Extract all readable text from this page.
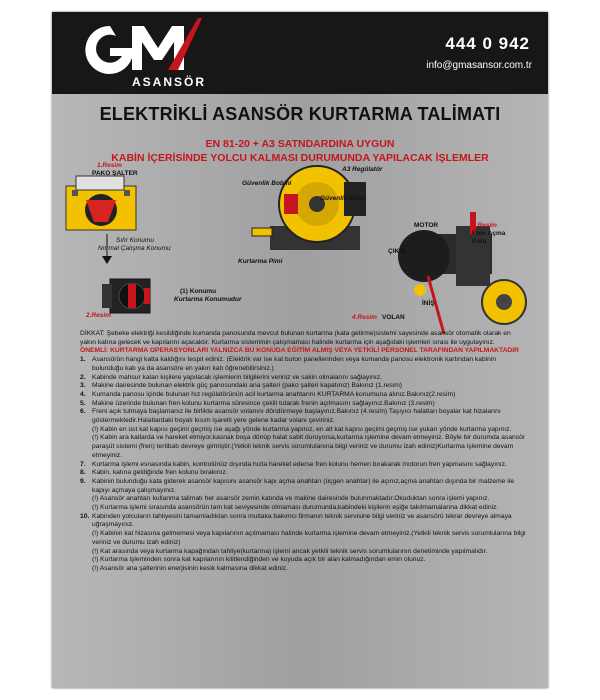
ASANSÖR
444 0 942
info@gmasansor.com.tr
ELEKTRİKLİ ASANSÖR KURTARMA TALİMATI
EN 81-20 + A3 SATNDARDINA UYGUN
KABİN İÇERİSİNDE YOLCU KALMASI DURUMUNDA YAPILACAK İŞLEMLER
1.Resim
PAKO ŞALTER
Sıfır Konumu
Normal Çalışma Konumu
(1) Konumu
Kurtarma Konumudur
2.Resim
Güvenlik Bobini
A3 Regülatör
Güvenlik Sivici
Kurtarma Pimi
MOTOR	3.Resim
Fren Açma Kolu
ÇIKIŞ
İNİŞ
4.Resim VOLAN
DİKKAT: Şebeke elektriği kesildiğinde kumanda panosunda mevcut bulunan kurtarma (kata getirme)sistemi sayesinde asansör otomatik olarak en yakın katına gelecek ve kapılarını açacaktır. Kurtarma sisteminin çalışmaması halinde kurtarma için aşağıdaki işlemleri sırası ile uygulayınız.
ÖNEMLİ: KURTARMA OPERASYONLARI YALNIZCA BU KONUDA EĞİTİM ALMIŞ VEYA YETKİLİ PERSONEL TARAFINDAN YAPILMAKTADIR
1. Asansörün hangi katta kaldığını tespit ediniz. (Elektrik var ise kat buton panellerinden veya kumanda panosu elektronik kartından kabinin bulunduğu katı ya da asansöre en yakın katı öğrenebilirsiniz.)
2. Kabinde mahsur kalan kişilere yapılacak işlemlerin bilgilerini veriniz ve sakin olmalarını sağlayınız.
3. Makine dairesinde bulunan elektrik güç panosundaki ana şalteri (pako şalteri kapatınız) Bakınız (1.resim)
4. Kumanda panosu içinde bulunan hız regülatörünün acil kurtarma anahtarını KURTARMA konumuna alınız.Bakınız(2.resim)
5. Makine üzerinde bulunan fren kolunu kurtarma süresince çekili tutarak frenin açılmasını sağlayınız.Bakınız (3.resim)
6. Freni açık tutmaya başlamanız ile birlikte asansör volanını döndürmeye başlayınız.Bakınız (4.resim) Taşıyıcı halatları boyalar kat hizalarını göstermektedir.Halatlardaki boyalı kısım işaretli yere gelene kadar volanı çeviriniz.
(!) Kabin en üst kat kapısı geçimi geçmiş ise aşağı yönde kurtarma yapınız, en alt kat kapısı geçimi geçmiş ise yukarı yönde kurtarma yapınız.
(!) Kabin ara katlarda ve hareket etmiyor,kasnak boşa dönüp halat sabit duruyorsa,kurtarma işlemine devam etmeyiniz. Böyle bir durumda asansör paraşüt sistemi (fren) tertibatı devreye girmiştir.(Yetkili teknik servis sorumlulanına bilgi veriniz ve durumu izah ediniz)Kurtarma işlemine devam etmeyiniz.
7. Kurtarma işlemi esnasında kabin, kontrolünüz dışında hızla hareket ederse fren kolunu hemen bırakarak motorun fren yapmasını sağlayınız.
8. Kabin, katına geldiğinde fren kolunu bırakınız.
9. Kabinin bulunduğu kata giderek asansör kapısını asansör kapı açma anahtarı (üçgen anahtar) ile açınız,açma anahtarı dışında bir malzeme ile kapıyı açmaya çalışmayınız.
(!) Asansör anahtarı kullanma talimatı her asansör zemin katında ve makine dairesinde bulunmaktadır.Okuduktan sonra işlemi yapınız.
(!) Kurtarma işlemi sırasında asansörün tam kat seviyesinde olmaması durumunda,kabindeki kişilerin eşiğe takılmamalarına dikkat ediniz.
10. Kabinden yolcuların tahliyesini tamamladıktan sonra mutlaka bakımcı firmanın teknik servisine bilgi veriniz ve asansörü tekrar devreye almaya uğraşmayınız.
(!) Kabinin kat hizasına gelmemesi veya kapılarının açılmaması halinde kurtarma işlemine devam etmeyiniz.(Yetkili teknik servis sorumlularına bilgi veriniz ve durumu izah ediniz)
(!) Kat arasında veya kurtarma kapağından tahliye(kurtarma) işlemi ancak yetkili teknik servis sorumlularının denetiminde yapılmalıdır.
(!) Kurtarma işleminden sonra kat kapılarının kilitlendiğinden ve kuyuda açık bir alan kalmadığından emin olunuz.
(!) Asansör ana şalterinin enerjisinin kesik kalmasına dikkat ediniz.
